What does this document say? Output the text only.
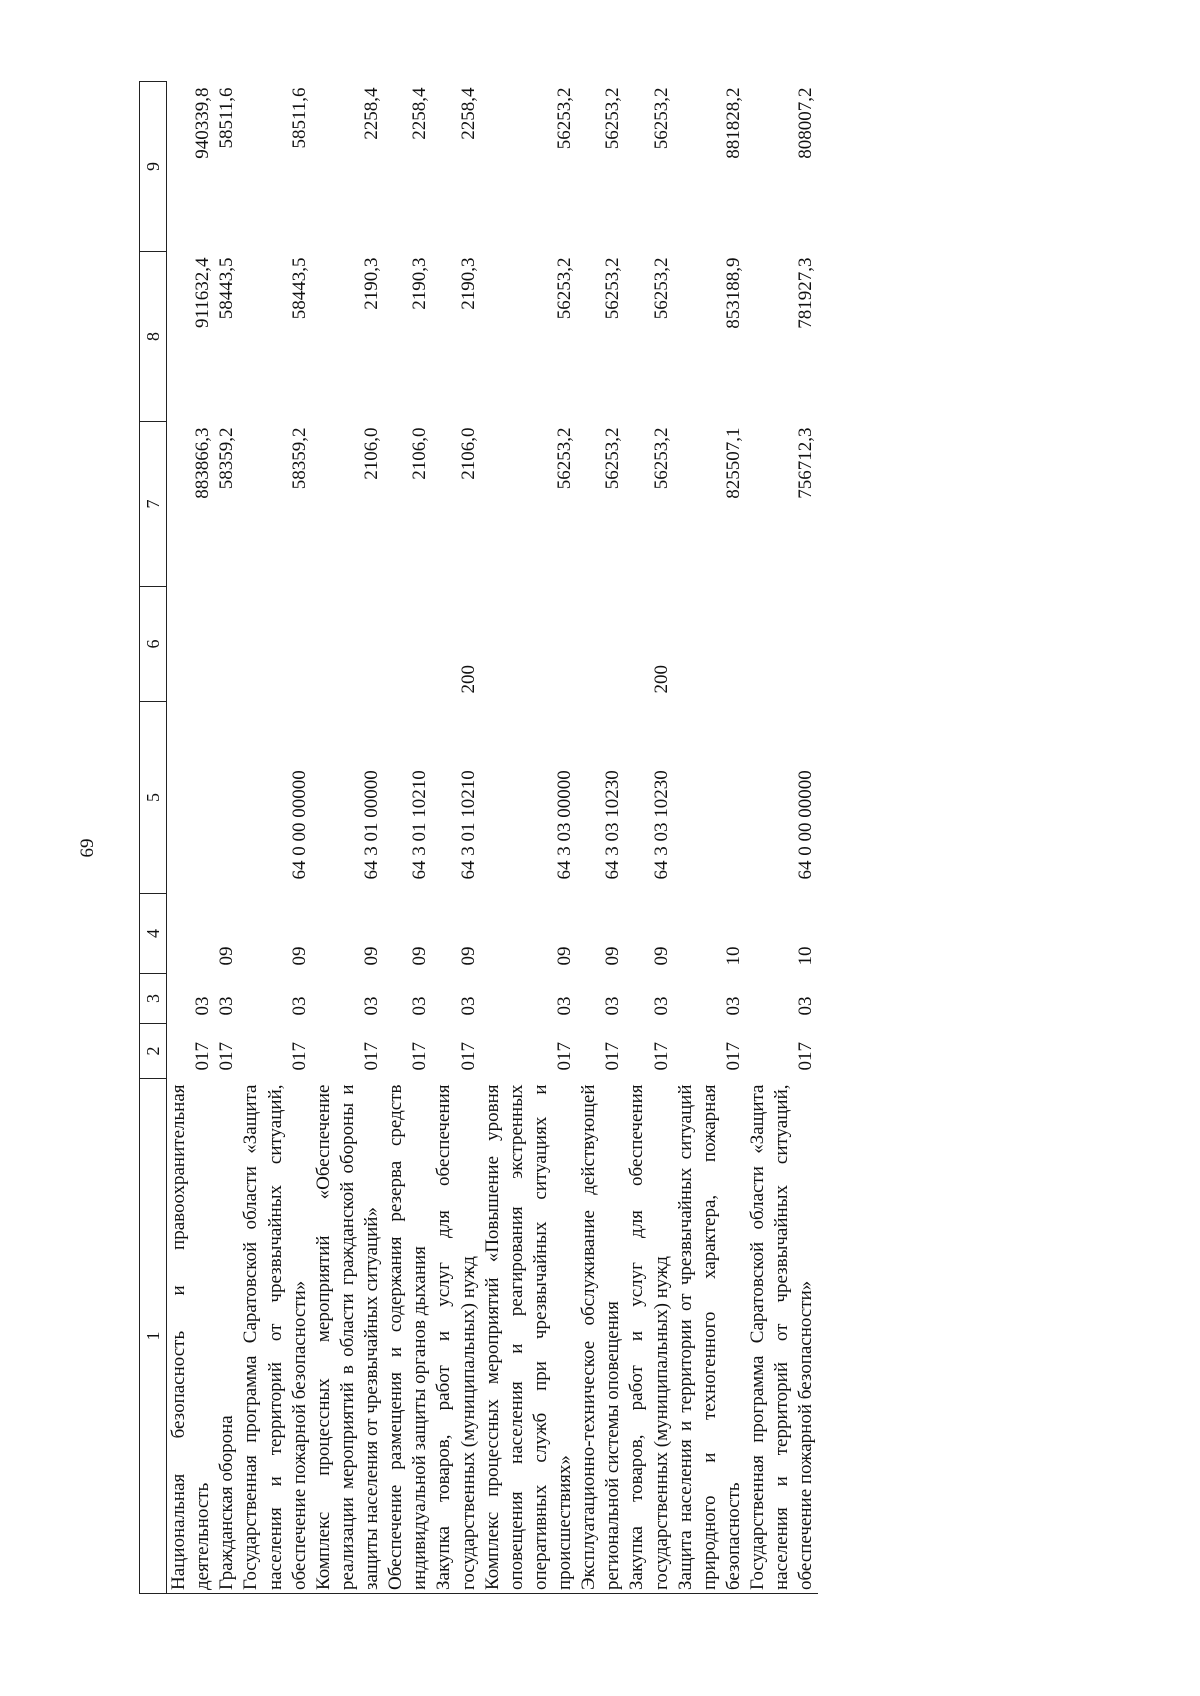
69
1	2	3	4	5	6	7	8	9
Национальная безопасность и правоохранительная деятельность	017	03				883866,3	911632,4	940339,8
Гражданская оборона	017	03	09			58359,2	58443,5	58511,6
Государственная программа Саратовской области «Защита населения и территорий от чрезвычайных ситуаций, обеспечение пожарной безопасности»	017	03	09	64 0 00 00000		58359,2	58443,5	58511,6
Комплекс процессных мероприятий «Обеспечение реализации мероприятий в области гражданской обороны и защиты населения от чрезвычайных ситуаций»	017	03	09	64 3 01 00000		2106,0	2190,3	2258,4
Обеспечение размещения и содержания резерва средств индивидуальной защиты органов дыхания	017	03	09	64 3 01 10210		2106,0	2190,3	2258,4
Закупка товаров, работ и услуг для обеспечения государственных (муниципальных) нужд	017	03	09	64 3 01 10210	200	2106,0	2190,3	2258,4
Комплекс процессных мероприятий «Повышение уровня оповещения населения и реагирования экстренных оперативных служб при чрезвычайных ситуациях и происшествиях»	017	03	09	64 3 03 00000		56253,2	56253,2	56253,2
Эксплуатационно-техническое обслуживание действующей региональной системы оповещения	017	03	09	64 3 03 10230		56253,2	56253,2	56253,2
Закупка товаров, работ и услуг для обеспечения государственных (муниципальных) нужд	017	03	09	64 3 03 10230	200	56253,2	56253,2	56253,2
Защита населения и территории от чрезвычайных ситуаций природного и техногенного характера, пожарная безопасность	017	03	10			825507,1	853188,9	881828,2
Государственная программа Саратовской области «Защита населения и территорий от чрезвычайных ситуаций, обеспечение пожарной безопасности»	017	03	10	64 0 00 00000		756712,3	781927,3	808007,2
